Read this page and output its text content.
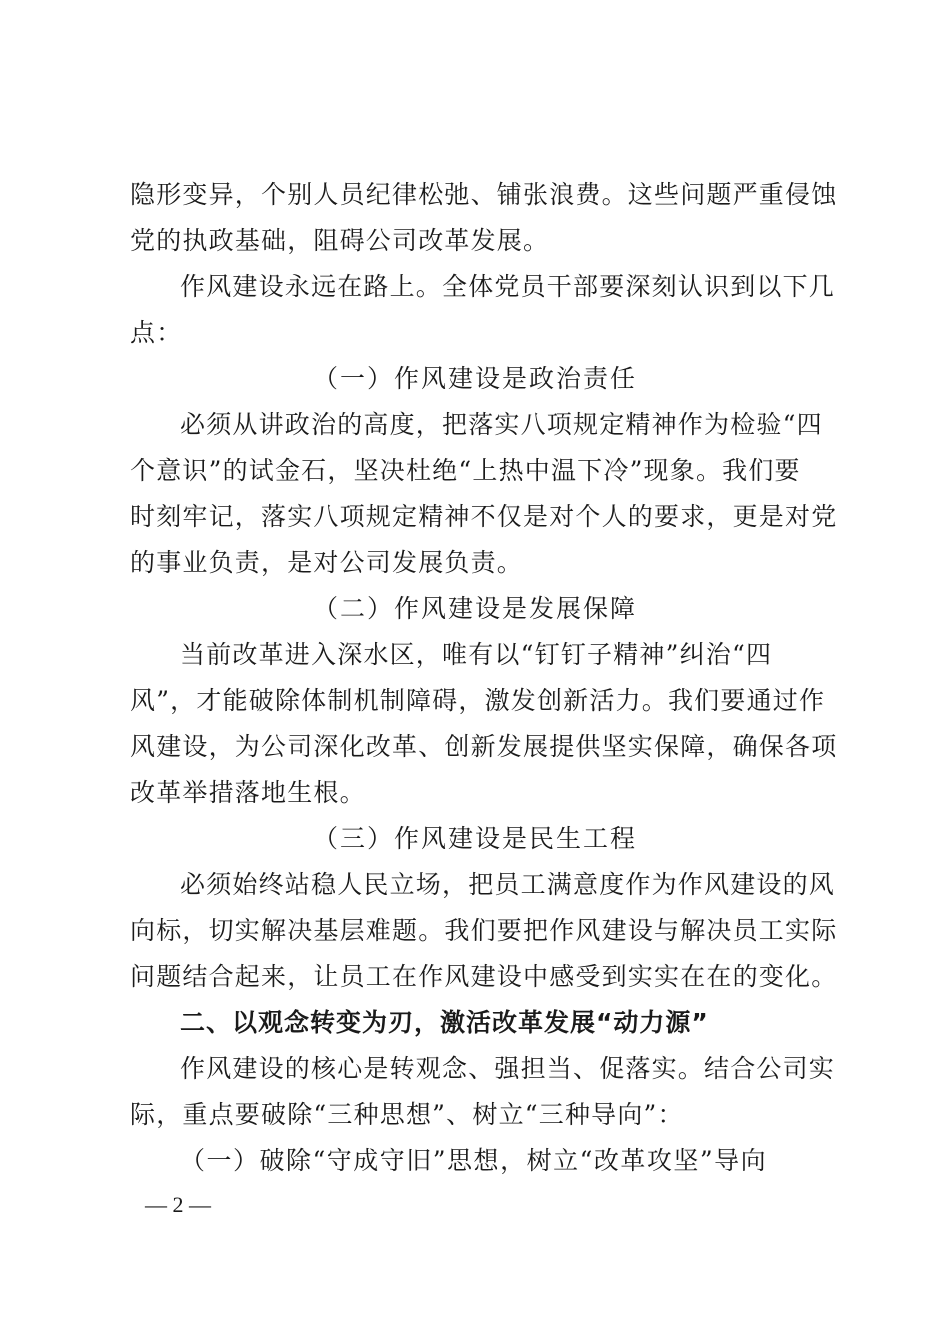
隐形变异，个别人员纪律松弛、铺张浪费。这些问题严重侵蚀
党的执政基础，阻碍公司改革发展。
作风建设永远在路上。全体党员干部要深刻认识到以下几
点：
（一）作风建设是政治责任
必须从讲政治的高度，把落实八项规定精神作为检验“四
个意识”的试金石，坚决杜绝“上热中温下冷”现象。我们要
时刻牢记，落实八项规定精神不仅是对个人的要求，更是对党
的事业负责，是对公司发展负责。
（二）作风建设是发展保障
当前改革进入深水区，唯有以“钉钉子精神”纠治“四
风”，才能破除体制机制障碍，激发创新活力。我们要通过作
风建设，为公司深化改革、创新发展提供坚实保障，确保各项
改革举措落地生根。
（三）作风建设是民生工程
必须始终站稳人民立场，把员工满意度作为作风建设的风
向标，切实解决基层难题。我们要把作风建设与解决员工实际
问题结合起来，让员工在作风建设中感受到实实在在的变化。
二、以观念转变为刃，激活改革发展“动力源”
作风建设的核心是转观念、强担当、促落实。结合公司实
际，重点要破除“三种思想”、树立“三种导向”：
（一）破除“守成守旧”思想，树立“改革攻坚”导向
— 2 —
